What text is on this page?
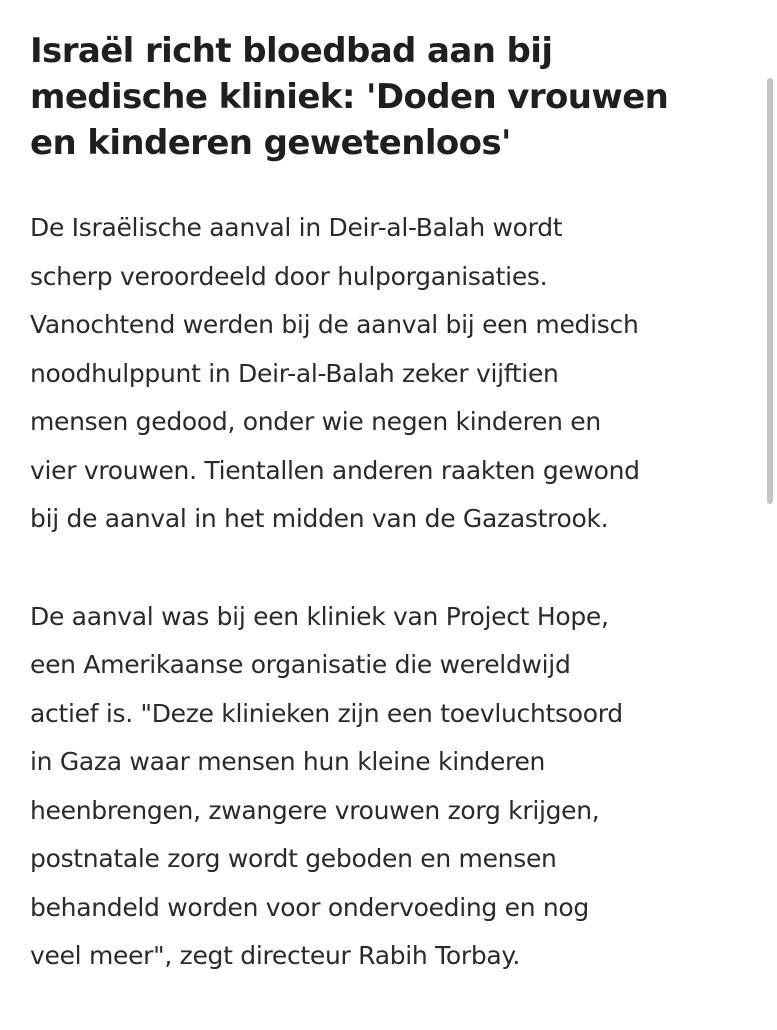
Israël richt bloedbad aan bij
medische kliniek: 'Doden vrouwen
en kinderen gewetenloos'

De Israëlische aanval in Deir-al-Balah wordt
scherp veroordeeld door hulporganisaties.
Vanochtend werden bij de aanval bij een medisch
noodhulppunt in Deir-al-Balah zeker vijftien
mensen gedood, onder wie negen kinderen en
vier vrouwen. Tientallen anderen raakten gewond
bij de aanval in het midden van de Gazastrook.

De aanval was bij een kliniek van Project Hope,
een Amerikaanse organisatie die wereldwijd
actief is. "Deze klinieken zijn een toevluchtsoord
in Gaza waar mensen hun kleine kinderen
heenbrengen, zwangere vrouwen zorg krijgen,
postnatale zorg wordt geboden en mensen
behandeld worden voor ondervoeding en nog
veel meer", zegt directeur Rabih Torbay.
